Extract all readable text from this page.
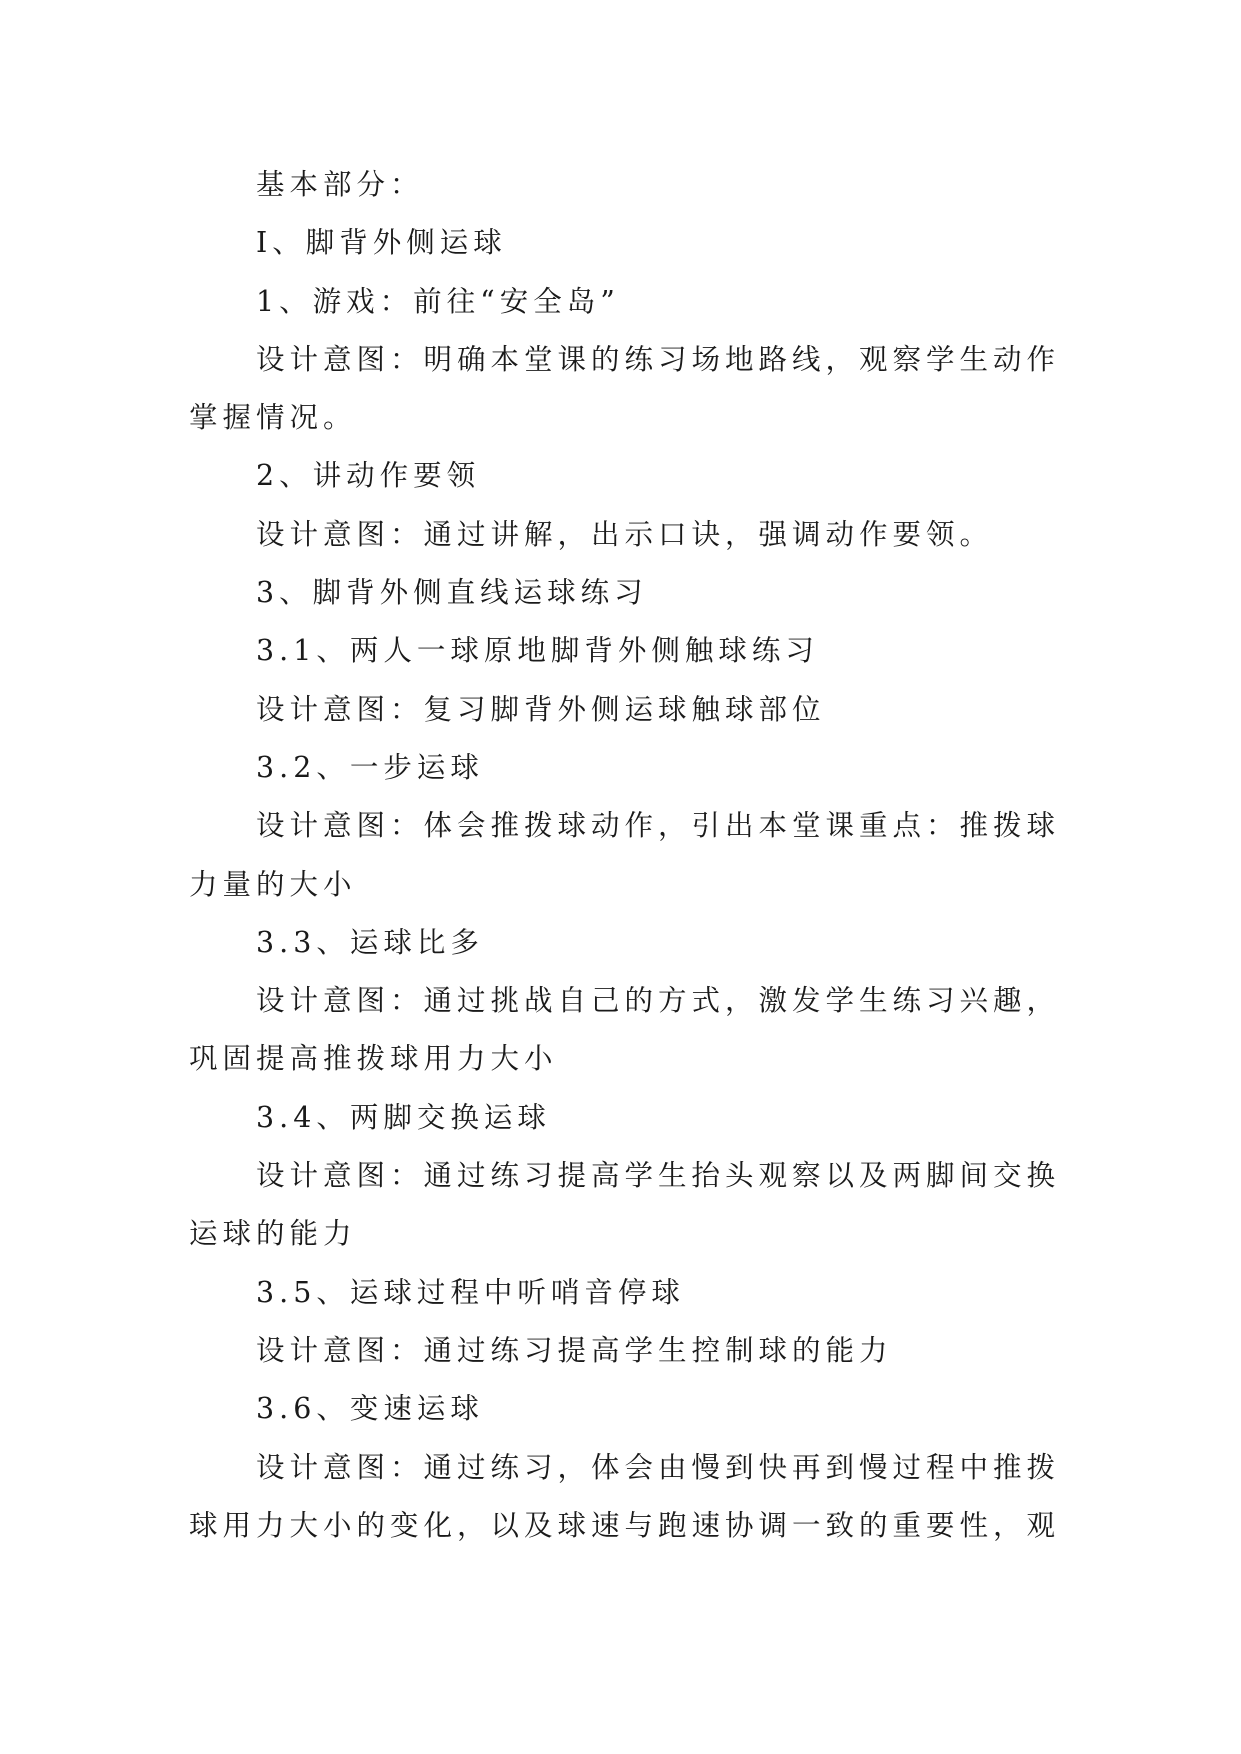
基本部分：
Ⅰ、脚背外侧运球
1、游戏：前往“安全岛”
设计意图：明确本堂课的练习场地路线，观察学生动作
掌握情况。
2、讲动作要领
设计意图：通过讲解，出示口诀，强调动作要领。
3、脚背外侧直线运球练习
3.1、两人一球原地脚背外侧触球练习
设计意图：复习脚背外侧运球触球部位
3.2、一步运球
设计意图：体会推拨球动作，引出本堂课重点：推拨球
力量的大小
3.3、运球比多
设计意图：通过挑战自己的方式，激发学生练习兴趣，
巩固提高推拨球用力大小
3.4、两脚交换运球
设计意图：通过练习提高学生抬头观察以及两脚间交换
运球的能力
3.5、运球过程中听哨音停球
设计意图：通过练习提高学生控制球的能力
3.6、变速运球
设计意图：通过练习，体会由慢到快再到慢过程中推拨
球用力大小的变化，以及球速与跑速协调一致的重要性，观
